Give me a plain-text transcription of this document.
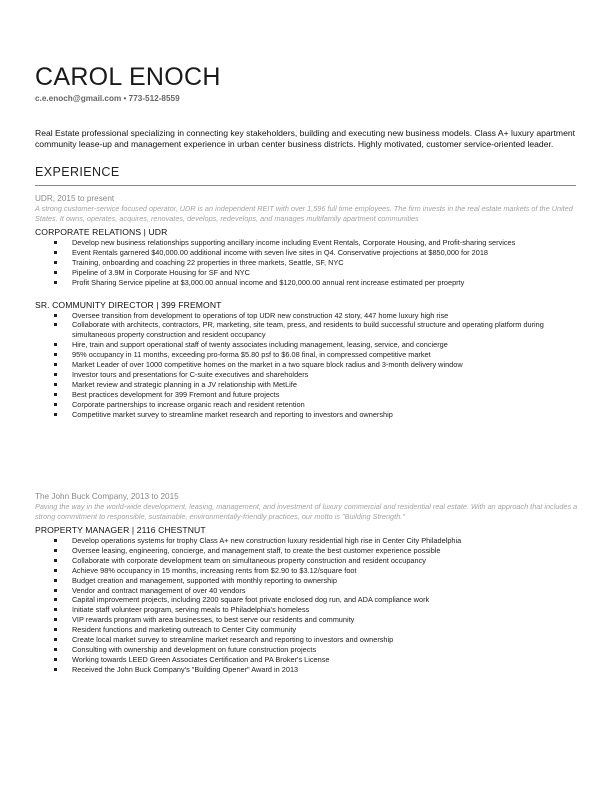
CAROL ENOCH
c.e.enoch@gmail.com • 773-512-8559
Real Estate professional specializing in connecting key stakeholders, building and executing new business models. Class A+ luxury apartment community lease-up and management experience in urban center business districts. Highly motivated, customer service-oriented leader.
EXPERIENCE
UDR, 2015 to present
A strong customer-service focused operator, UDR is an independent REIT with over 1,596 full time employees. The firm invests in the real estate markets of the United States. It owns, operates, acquires, renovates, develops, redevelops, and manages multifamily apartment communities
CORPORATE RELATIONS | UDR
Develop new business relationships supporting ancillary income including Event Rentals, Corporate Housing, and Profit-sharing services
Event Rentals garnered $40,000.00 additional income with seven live sites in Q4. Conservative projections at $850,000 for 2018
Training, onboarding and coaching 22 properties in three markets, Seattle, SF, NYC
Pipeline of 3.9M in Corporate Housing for SF and NYC
Profit Sharing Service pipeline at $3,000.00 annual income and $120,000.00 annual rent increase estimated per proeprty
SR. COMMUNITY DIRECTOR | 399 FREMONT
Oversee transition from development to operations of top UDR new construction 42 story, 447 home luxury high rise
Collaborate with architects, contractors, PR, marketing, site team, press, and residents to build successful structure and operating platform during simultaneous property construction and resident occupancy
Hire, train and support operational staff of twenty associates including management, leasing, service, and concierge
95% occupancy in 11 months, exceeding pro-forma $5.80 psf to $6.08 final, in compressed competitive market
Market Leader of over 1000 competitive homes on the market in a two square block radius and 3-month delivery window
Investor tours and presentations for C-suite executives and shareholders
Market review and strategic planning in a JV relationship with MetLife
Best practices development for 399 Fremont and future projects
Corporate partnerships to increase organic reach and resident retention
Competitive market survey to streamline market research and reporting to investors and ownership
The John Buck Company, 2013 to 2015
Paving the way in the world-wide development, leasing, management, and investment of luxury commercial and residential real estate. With an approach that includes a strong commitment to responsible, sustainable, environmentally-friendly practices, our motto is "Building Strength."
PROPERTY MANAGER | 2116 CHESTNUT
Develop operations systems for trophy Class A+ new construction luxury residential high rise in Center City Philadelphia
Oversee leasing, engineering, concierge, and management staff, to create the best customer experience possible
Collaborate with corporate development team on simultaneous property construction and resident occupancy
Achieve 98% occupancy in 15 months, increasing rents from $2.90 to $3.12/square foot
Budget creation and management, supported with monthly reporting to ownership
Vendor and contract management of over 40 vendors
Capital improvement projects, including 2200 square foot private enclosed dog run, and ADA compliance work
Initiate staff volunteer program, serving meals to Philadelphia's homeless
VIP rewards program with area businesses, to best serve our residents and community
Resident functions and marketing outreach to Center City community
Create local market survey to streamline market research and reporting to investors and ownership
Consulting with ownership and development on future construction projects
Working towards LEED Green Associates Certification and PA Broker's License
Received the John Buck Company's "Building Opener" Award in 2013
